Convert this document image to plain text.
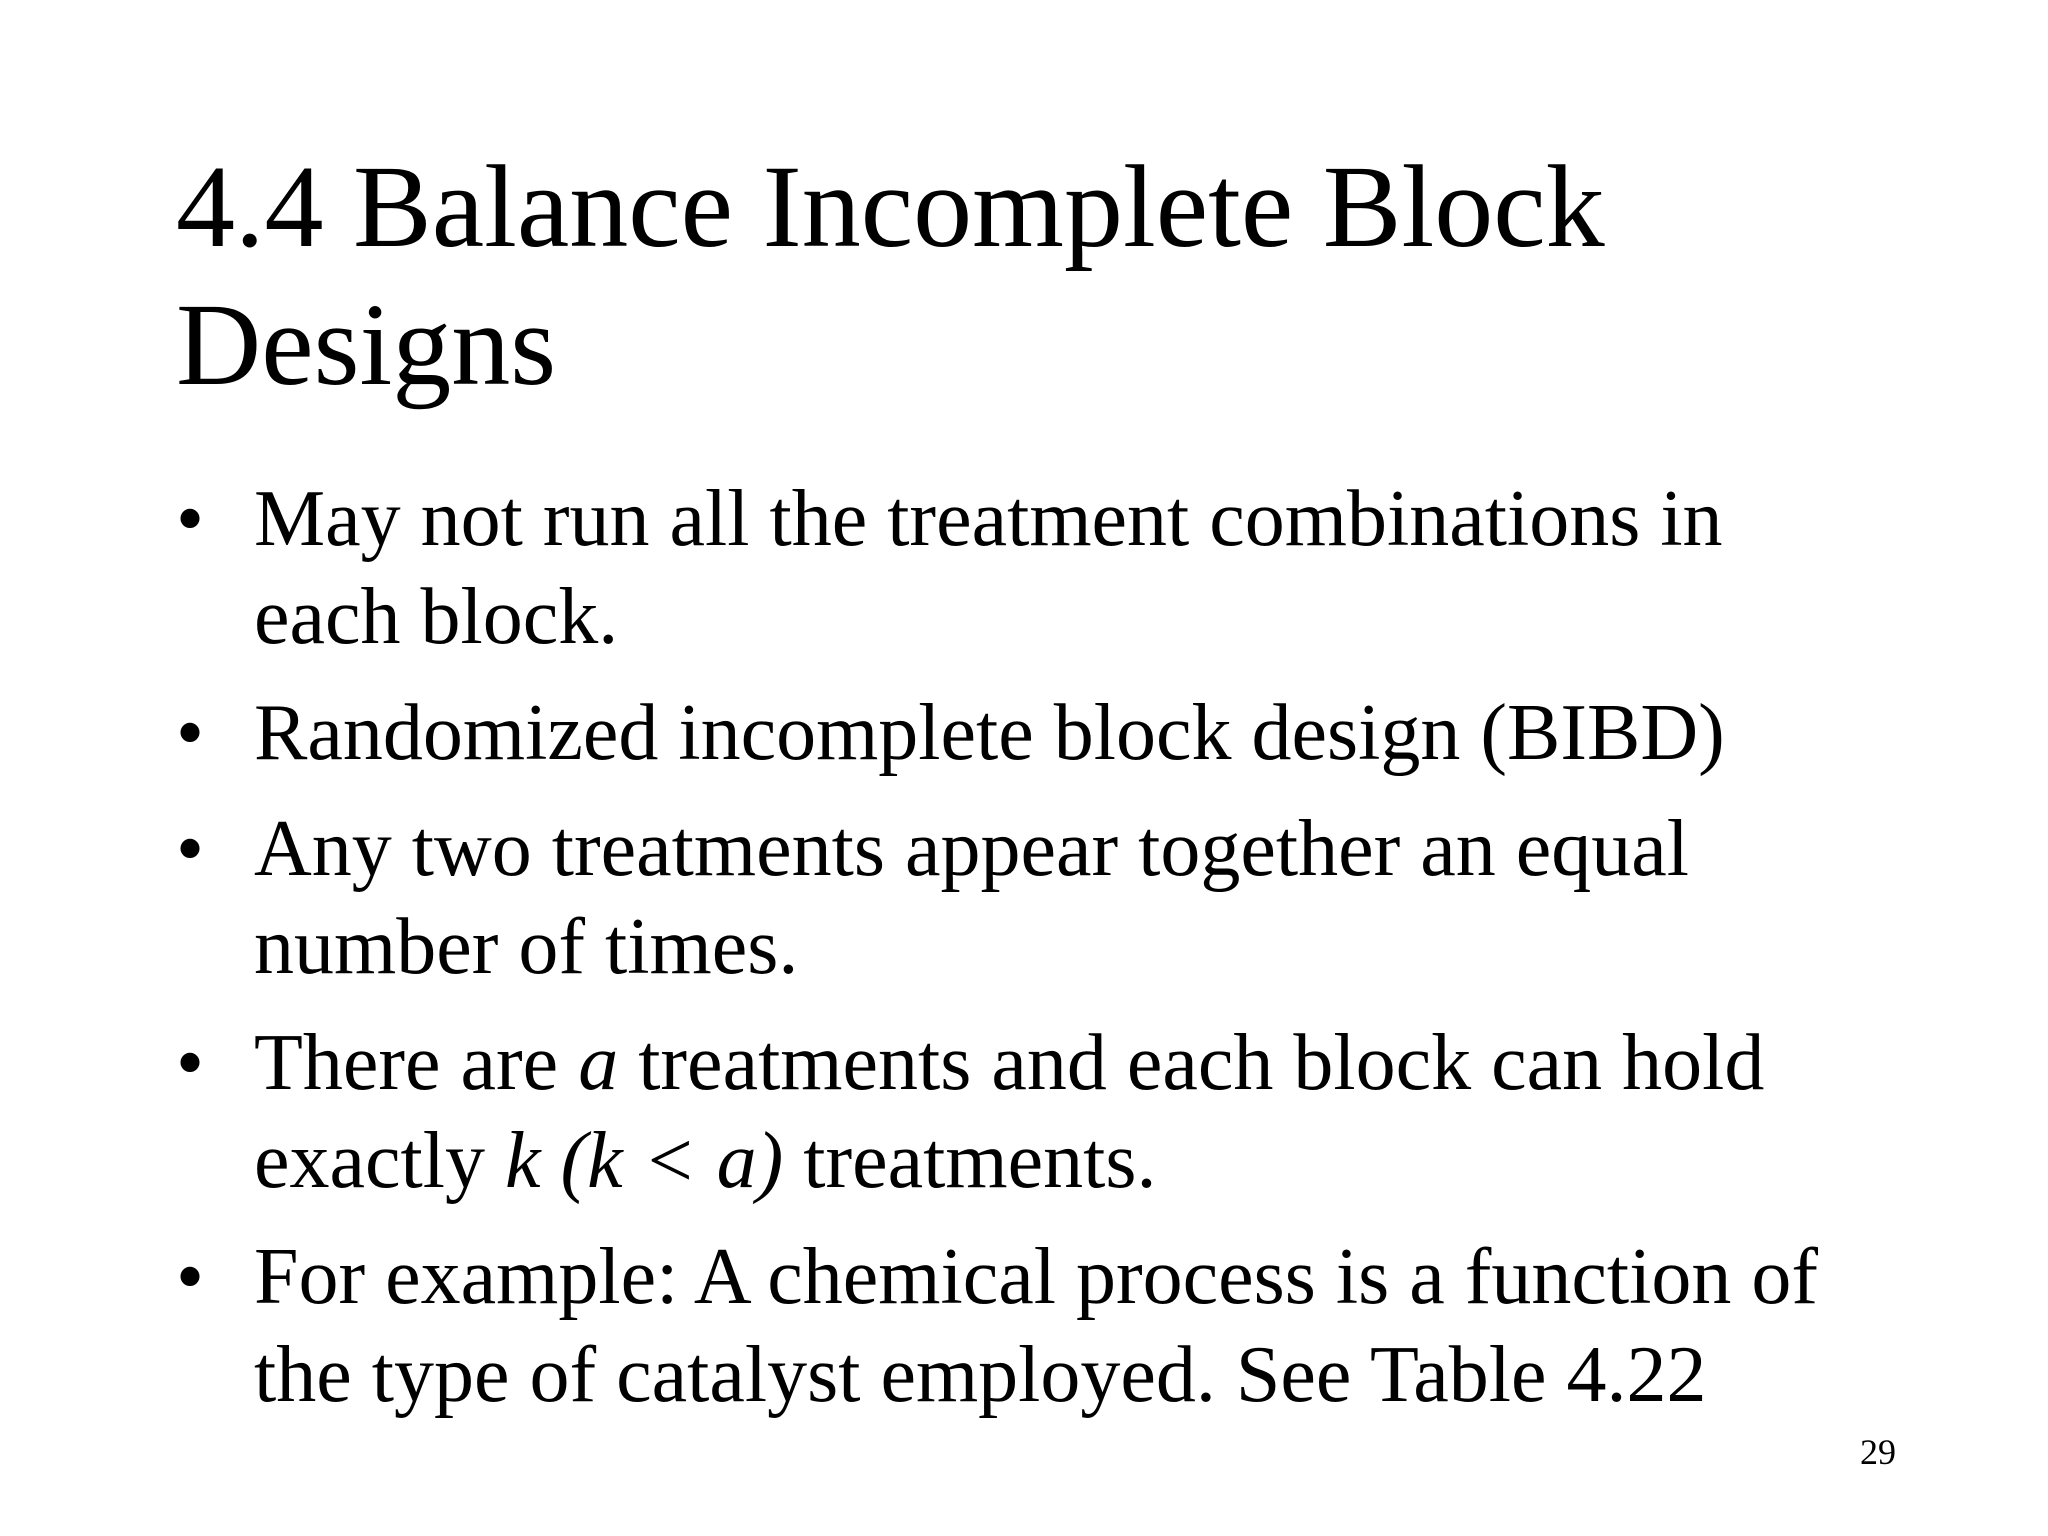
4.4 Balance Incomplete Block Designs
• May not run all the treatment combinations in each block.
• Randomized incomplete block design (BIBD)
• Any two treatments appear together an equal number of times.
• There are a treatments and each block can hold exactly k (k < a) treatments.
• For example: A chemical process is a function of the type of catalyst employed. See Table 4.22
29
